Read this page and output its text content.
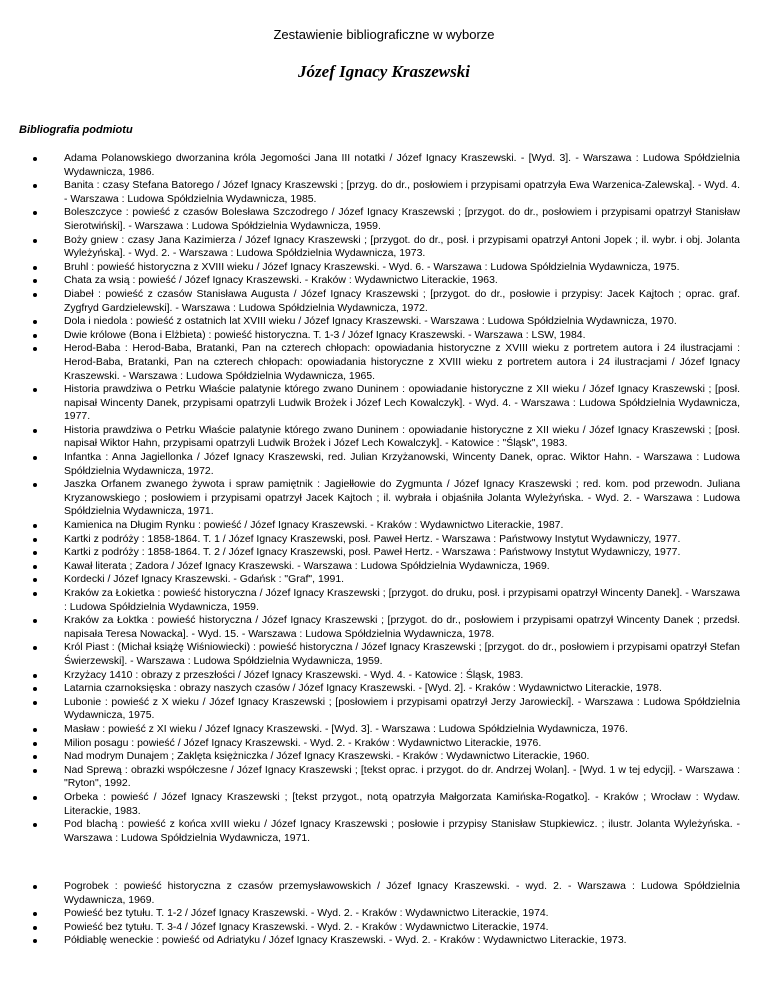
Zestawienie bibliograficzne w wyborze
Józef Ignacy Kraszewski
Bibliografia podmiotu
Adama Polanowskiego dworzanina króla Jegomości Jana III notatki / Józef Ignacy Kraszewski. - [Wyd. 3]. - Warszawa : Ludowa Spółdzielnia Wydawnicza, 1986.
Banita : czasy Stefana Batorego / Józef Ignacy Kraszewski ; [przyg. do dr., posłowiem i przypisami opatrzyła Ewa Warzenica-Zalewska]. - Wyd. 4. - Warszawa : Ludowa Spółdzielnia Wydawnicza, 1985.
Boleszczyce : powieść z czasów Bolesława Szczodrego / Józef Ignacy Kraszewski ; [przygot. do dr., posłowiem i przypisami opatrzył Stanisław Sierotwiński]. - Warszawa : Ludowa Spółdzielnia Wydawnicza, 1959.
Boży gniew : czasy Jana Kazimierza / Józef Ignacy Kraszewski ; [przygot. do dr., posł. i przypisami opatrzył Antoni Jopek ; il. wybr. i obj. Jolanta Wyleżyńska]. - Wyd. 2. - Warszawa : Ludowa Spółdzielnia Wydawnicza, 1973.
Bruhl : powieść historyczna z XVIII wieku / Józef Ignacy Kraszewski. - Wyd. 6. - Warszawa : Ludowa Spółdzielnia Wydawnicza, 1975.
Chata za wsią : powieść / Józef Ignacy Kraszewski. - Kraków : Wydawnictwo Literackie, 1963.
Diabeł : powieść z czasów Stanisława Augusta / Józef Ignacy Kraszewski ; [przygot. do dr., posłowie i przypisy: Jacek Kajtoch ; oprac. graf. Zygfryd Gardzielewski]. - Warszawa : Ludowa Spółdzielnia Wydawnicza, 1972.
Dola i niedola : powieść z ostatnich lat XVIII wieku / Józef Ignacy Kraszewski. - Warszawa : Ludowa Spółdzielnia Wydawnicza, 1970.
Dwie królowe (Bona i Elżbieta) : powieść historyczna. T. 1-3 / Józef Ignacy Kraszewski. - Warszawa : LSW, 1984.
Herod-Baba : Herod-Baba, Bratanki, Pan na czterech chłopach: opowiadania historyczne z XVIII wieku z portretem autora i 24 ilustracjami : Herod-Baba, Bratanki, Pan na czterech chłopach: opowiadania historyczne z XVIII wieku z portretem autora i 24 ilustracjami / Józef Ignacy Kraszewski. - Warszawa : Ludowa Spółdzielnia Wydawnicza, 1965.
Historia prawdziwa o Petrku Właście palatynie którego zwano Duninem : opowiadanie historyczne z XII wieku / Józef Ignacy Kraszewski ; [posł. napisał Wincenty Danek, przypisami opatrzyli Ludwik Brożek i Józef Lech Kowalczyk]. - Wyd. 4. - Warszawa : Ludowa Spółdzielnia Wydawnicza, 1977.
Historia prawdziwa o Petrku Właście palatynie którego zwano Duninem : opowiadanie historyczne z XII wieku / Józef Ignacy Kraszewski ; [posł. napisał Wiktor Hahn, przypisami opatrzyli Ludwik Brożek i Józef Lech Kowalczyk]. - Katowice : "Śląsk", 1983.
Infantka : Anna Jagiellonka / Józef Ignacy Kraszewski, red. Julian Krzyżanowski, Wincenty Danek, oprac. Wiktor Hahn. - Warszawa : Ludowa Spółdzielnia Wydawnicza, 1972.
Jaszka Orfanem zwanego żywota i spraw pamiętnik : Jagiełłowie do Zygmunta / Józef Ignacy Kraszewski ; red. kom. pod przewodn. Juliana Kryzanowskiego ; posłowiem i przypisami opatrzył Jacek Kajtoch ; il. wybrała i objaśniła Jolanta Wyleżyńska. - Wyd. 2. - Warszawa : Ludowa Spółdzielnia Wydawnicza, 1971.
Kamienica na Długim Rynku : powieść / Józef Ignacy Kraszewski. - Kraków : Wydawnictwo Literackie, 1987.
Kartki z podróży : 1858-1864. T. 1 / Józef Ignacy Kraszewski, posł. Paweł Hertz. - Warszawa : Państwowy Instytut Wydawniczy, 1977.
Kartki z podróży : 1858-1864. T. 2 / Józef Ignacy Kraszewski, posł. Paweł Hertz. - Warszawa : Państwowy Instytut Wydawniczy, 1977.
Kawał literata ; Zadora / Józef Ignacy Kraszewski. - Warszawa : Ludowa Spółdzielnia Wydawnicza, 1969.
Kordecki / Józef Ignacy Kraszewski. - Gdańsk : "Graf", 1991.
Kraków za Łokietka : powieść historyczna / Józef Ignacy Kraszewski ; [przygot. do druku, posł. i przypisami opatrzył Wincenty Danek]. - Warszawa : Ludowa Spółdzielnia Wydawnicza, 1959.
Kraków za Łoktka : powieść historyczna / Józef Ignacy Kraszewski ; [przygot. do dr., posłowiem i przypisami opatrzył Wincenty Danek ; przedsł. napisała Teresa Nowacka]. - Wyd. 15. - Warszawa : Ludowa Spółdzielnia Wydawnicza, 1978.
Król Piast : (Michał książę Wiśniowiecki) : powieść historyczna / Józef Ignacy Kraszewski ; [przygot. do dr., posłowiem i przypisami opatrzył Stefan Świerzewski]. - Warszawa : Ludowa Spółdzielnia Wydawnicza, 1959.
Krzyżacy 1410 : obrazy z przeszłości / Józef Ignacy Kraszewski. - Wyd. 4. - Katowice : Śląsk, 1983.
Latarnia czarnoksięska : obrazy naszych czasów / Józef Ignacy Kraszewski. - [Wyd. 2]. - Kraków : Wydawnictwo Literackie, 1978.
Lubonie : powieść z X wieku / Józef Ignacy Kraszewski ; [posłowiem i przypisami opatrzył Jerzy Jarowiecki]. - Warszawa : Ludowa Spółdzielnia Wydawnicza, 1975.
Masław : powieść z XI wieku / Józef Ignacy Kraszewski. - [Wyd. 3]. - Warszawa : Ludowa Spółdzielnia Wydawnicza, 1976.
Milion posagu : powieść / Józef Ignacy Kraszewski. - Wyd. 2. - Kraków : Wydawnictwo Literackie, 1976.
Nad modrym Dunajem ; Zaklęta księżniczka / Józef Ignacy Kraszewski. - Kraków : Wydawnictwo Literackie, 1960.
Nad Sprewą : obrazki współczesne / Józef Ignacy Kraszewski ; [tekst oprac. i przygot. do dr. Andrzej Wolan]. - [Wyd. 1 w tej edycji]. - Warszawa : "Ryton", 1992.
Orbeka : powieść / Józef Ignacy Kraszewski ; [tekst przygot., notą opatrzyła Małgorzata Kamińska-Rogatko]. - Kraków ; Wrocław : Wydaw. Literackie, 1983.
Pod blachą : powieść z końca xvIII wieku / Józef Ignacy Kraszewski ; posłowie i przypisy Stanisław Stupkiewicz. ; ilustr. Jolanta Wyleżyńska. - Warszawa : Ludowa Spółdzielnia Wydawnicza, 1971.
Pogrobek : powieść historyczna z czasów przemysławowskich / Józef Ignacy Kraszewski. - wyd. 2. - Warszawa : Ludowa Spółdzielnia Wydawnicza, 1969.
Powieść bez tytułu. T. 1-2 / Józef Ignacy Kraszewski. - Wyd. 2. - Kraków : Wydawnictwo Literackie, 1974.
Powieść bez tytułu. T. 3-4 / Józef Ignacy Kraszewski. - Wyd. 2. - Kraków : Wydawnictwo Literackie, 1974.
Półdiablę weneckie : powieść od Adriatyku / Józef Ignacy Kraszewski. - Wyd. 2. - Kraków : Wydawnictwo Literackie, 1973.
